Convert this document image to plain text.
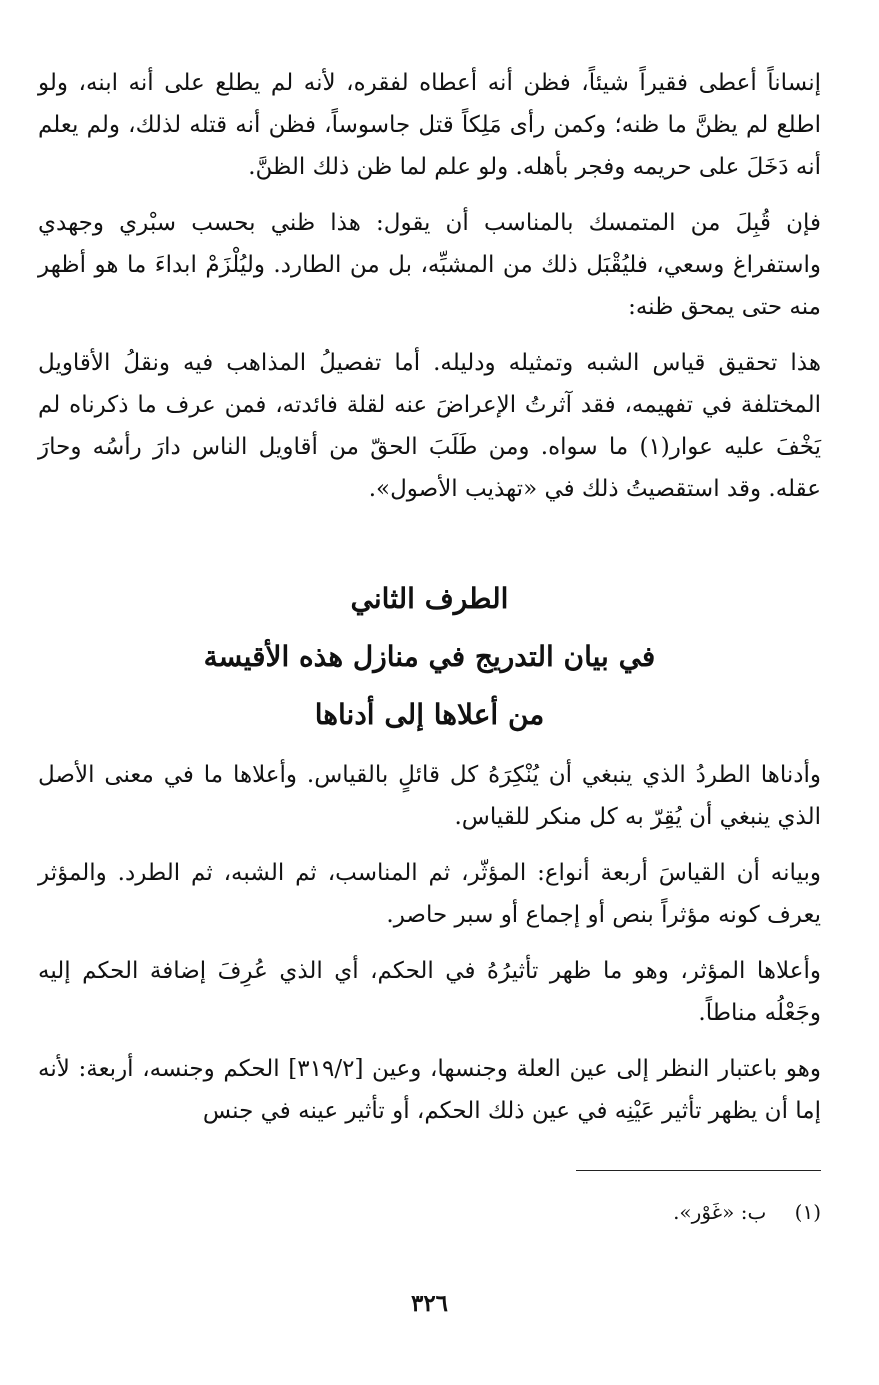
إنساناً أعطى فقيراً شيئاً، فظن أنه أعطاه لفقره، لأنه لم يطلع على أنه ابنه، ولو اطلع لم يظنَّ ما ظنه؛ وكمن رأى مَلِكاً قتل جاسوساً، فظن أنه قتله لذلك، ولم يعلم أنه دَخَلَ على حريمه وفجر بأهله. ولو علم لما ظن ذلك الظنَّ.

فإن قُبِلَ من المتمسك بالمناسب أن يقول: هذا ظني بحسب سبْري وجهدي واستفراغ وسعي، فليُقْبَل ذلك من المشبِّه، بل من الطارد. وليُلْزَمْ ابداءَ ما هو أظهر منه حتى يمحق ظنه:

هذا تحقيق قياس الشبه وتمثيله ودليله. أما تفصيلُ المذاهب فيه ونقلُ الأقاويل المختلفة في تفهيمه، فقد آثرتُ الإعراضَ عنه لقلة فائدته، فمن عرف ما ذكرناه لم يَخْفَ عليه عوار(١) ما سواه. ومن طَلَبَ الحقّ من أقاويل الناس دارَ رأسُه وحارَ عقله. وقد استقصيتُ ذلك في «تهذيب الأصول».

الطرف الثاني

في بيان التدريج في منازل هذه الأقيسة

من أعلاها إلى أدناها

وأدناها الطردُ الذي ينبغي أن يُنْكِرَهُ كل قائلٍ بالقياس. وأعلاها ما في معنى الأصل الذي ينبغي أن يُقِرّ به كل منكر للقياس.

وبيانه أن القياسَ أربعة أنواع: المؤثّر، ثم المناسب، ثم الشبه، ثم الطرد. والمؤثر يعرف كونه مؤثراً بنص أو إجماع أو سبر حاصر.

وأعلاها المؤثر، وهو ما ظهر تأثيرُهُ في الحكم، أي الذي عُرِفَ إضافة الحكم إليه وجَعْلُه مناطاً.

وهو باعتبار النظر إلى عين العلة وجنسها، وعين [٣١٩/٢] الحكم وجنسه، أربعة: لأنه إما أن يظهر تأثير عَيْنِه في عين ذلك الحكم، أو تأثير عينه في جنس

(١) ب: «غَوْر».
٣٢٦
